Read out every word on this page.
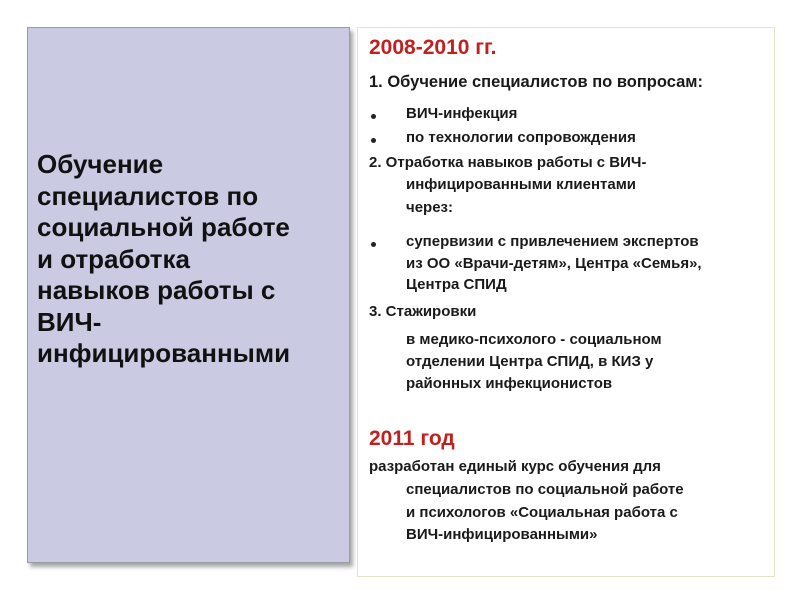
Обучение
специалистов по
социальной работе
и отработка
навыков работы с
ВИЧ-
инфицированными
2008-2010 гг.
1. Обучение специалистов по вопросам:
ВИЧ-инфекция
по технологии сопровождения
2. Отработка навыков работы с ВИЧ-
инфицированными клиентами
через:
супервизии с привлечением экспертов
из ОО «Врачи-детям», Центра «Семья»,
Центра СПИД
3. Стажировки
в медико-психолого - социальном
отделении Центра СПИД, в КИЗ у
районных инфекционистов
2011 год
разработан единый курс обучения для
специалистов по социальной работе
и психологов «Социальная работа с
ВИЧ-инфицированными»
